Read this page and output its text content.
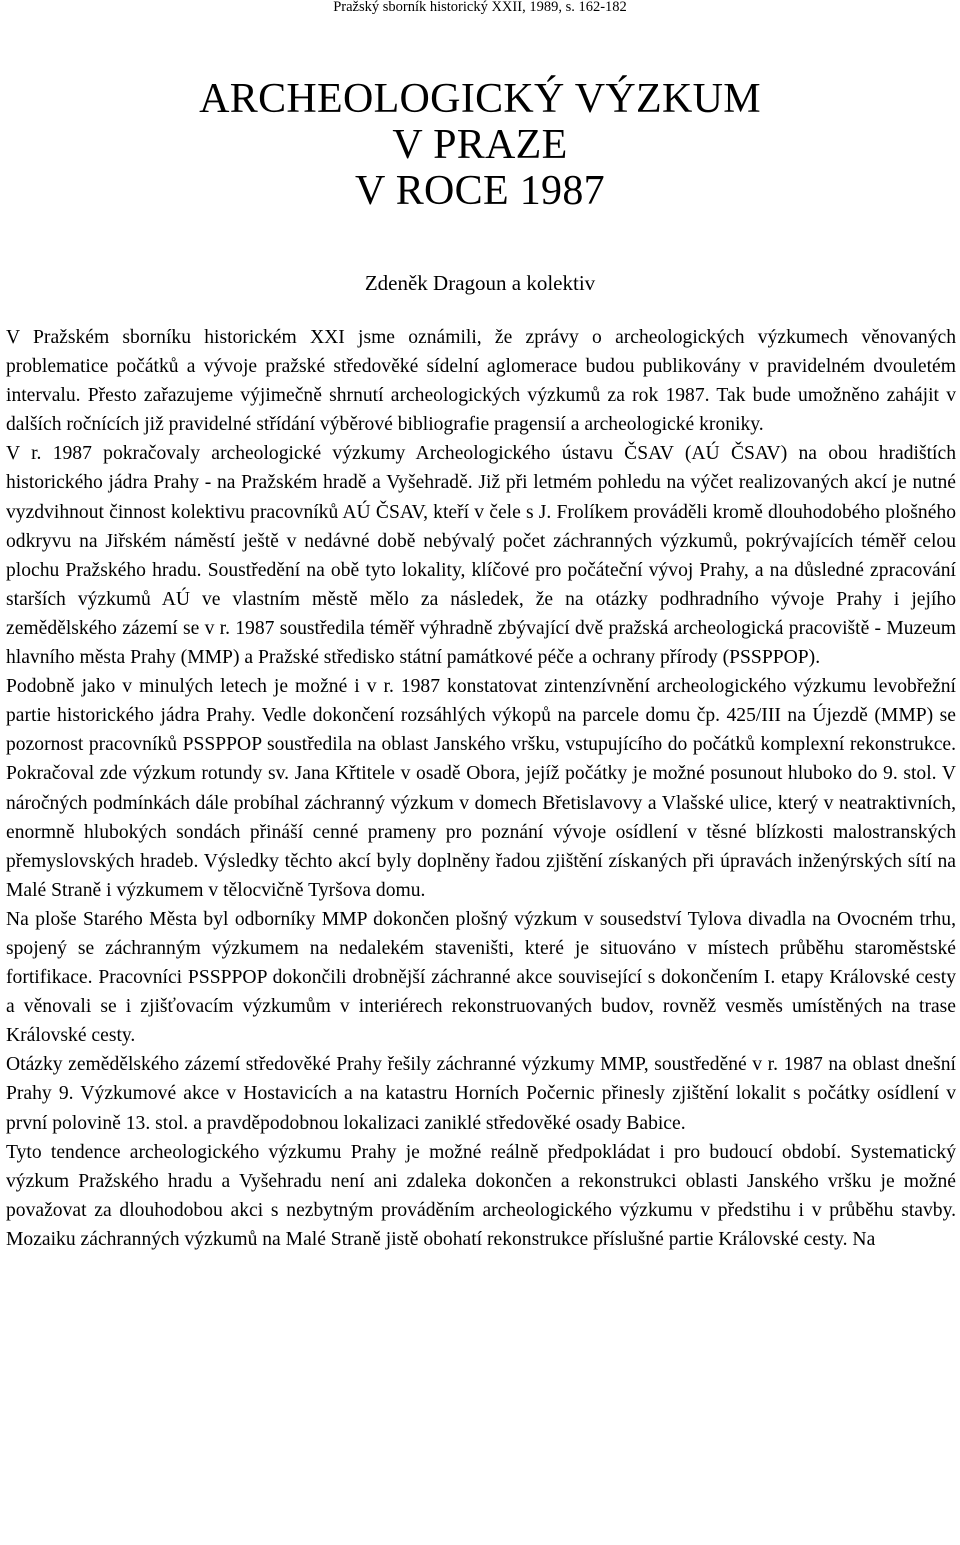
Pražský sborník historický XXII, 1989, s. 162-182
ARCHEOLOGICKÝ VÝZKUM
V PRAZE
V ROCE 1987
Zdeněk Dragoun a kolektiv

V Pražském sborníku historickém XXI jsme oznámili, že zprávy o archeologických výzkumech věnovaných problematice počátků a vývoje pražské středověké sídelní aglomerace budou publikovány v pravidelném dvouletém intervalu. Přesto zařazujeme výjimečně shrnutí archeologických výzkumů za rok 1987. Tak bude umožněno zahájit v dalších ročnících již pravidelné střídání výběrové bibliografie pragensií a archeologické kroniky.

V r. 1987 pokračovaly archeologické výzkumy Archeologického ústavu ČSAV (AÚ ČSAV) na obou hradištích historického jádra Prahy - na Pražském hradě a Vyšehradě. Již při letmém pohledu na výčet realizovaných akcí je nutné vyzdvihnout činnost kolektivu pracovníků AÚ ČSAV, kteří v čele s J. Frolíkem prováděli kromě dlouhodobého plošného odkryvu na Jiřském náměstí ještě v nedávné době nebývalý počet záchranných výzkumů, pokrývajících téměř celou plochu Pražského hradu. Soustředění na obě tyto lokality, klíčové pro počáteční vývoj Prahy, a na důsledné zpracování starších výzkumů AÚ ve vlastním městě mělo za následek, že na otázky podhradního vývoje Prahy i jejího zemědělského zázemí se v r. 1987 soustředila téměř výhradně zbývající dvě pražská archeologická pracoviště - Muzeum hlavního města Prahy (MMP) a Pražské středisko státní památkové péče a ochrany přírody (PSSPPOP).

Podobně jako v minulých letech je možné i v r. 1987 konstatovat zintenzívnění archeologického výzkumu levobřežní partie historického jádra Prahy. Vedle dokončení rozsáhlých výkopů na parcele domu čp. 425/III na Újezdě (MMP) se pozornost pracovníků PSSPPOP soustředila na oblast Janského vršku, vstupujícího do počátků komplexní rekonstrukce. Pokračoval zde výzkum rotundy sv. Jana Křtitele v osadě Obora, jejíž počátky je možné posunout hluboko do 9. stol. V náročných podmínkách dále probíhal záchranný výzkum v domech Břetislavovy a Vlašské ulice, který v neatraktivních, enormně hlubokých sondách přináší cenné prameny pro poznání vývoje osídlení v těsné blízkosti malostranských přemyslovských hradeb. Výsledky těchto akcí byly doplněny řadou zjištění získaných při úpravách inženýrských sítí na Malé Straně i výzkumem v tělocvičně Tyršova domu.

Na ploše Starého Města byl odborníky MMP dokončen plošný výzkum v sousedství Tylova divadla na Ovocném trhu, spojený se záchranným výzkumem na nedalekém staveništi, které je situováno v místech průběhu staroměstské fortifikace. Pracovníci PSSPPOP dokončili drobnější záchranné akce související s dokončením I. etapy Královské cesty a věnovali se i zjišťovacím výzkumům v interiérech rekonstruovaných budov, rovněž vesměs umístěných na trase Královské cesty.

Otázky zemědělského zázemí středověké Prahy řešily záchranné výzkumy MMP, soustředěné v r. 1987 na oblast dnešní Prahy 9. Výzkumové akce v Hostavicích a na katastru Horních Počernic přinesly zjištění lokalit s počátky osídlení v první polovině 13. stol. a pravděpodobnou lokalizaci zaniklé středověké osady Babice.

Tyto tendence archeologického výzkumu Prahy je možné reálně předpokládat i pro budoucí období. Systematický výzkum Pražského hradu a Vyšehradu není ani zdaleka dokončen a rekonstrukci oblasti Janského vršku je možné považovat za dlouhodobou akci s nezbytným prováděním archeologického výzkumu v předstihu i v průběhu stavby. Mozaiku záchranných výzkumů na Malé Straně jistě obohatí rekonstrukce příslušné partie Královské cesty. Na
